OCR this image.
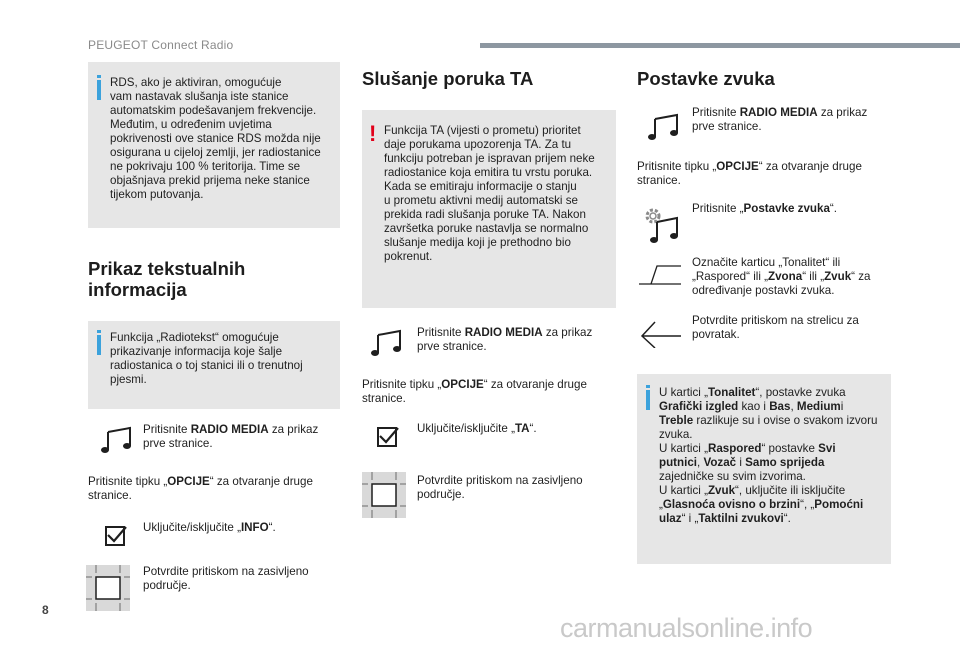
PEUGEOT Connect Radio

RDS, ako je aktiviran, omogućuje
vam nastavak slušanja iste stanice
automatskim podešavanjem frekvencije.
Međutim, u određenim uvjetima
pokrivenosti ove stanice RDS možda nije
osigurana u cijeloj zemlji, jer radiostanice
ne pokrivaju 100 % teritorija. Time se
objašnjava prekid prijema neke stanice
tijekom putovanja.

Prikaz tekstualnih
informacija

Funkcija „Radiotekst“ omogućuje
prikazivanje informacija koje šalje
radiostanica o toj stanici ili o trenutnoj
pjesmi.

Pritisnite RADIO MEDIA za prikaz
prve stranice.

Pritisnite tipku „OPCIJE“ za otvaranje druge
stranice.

Uključite/isključite „INFO“.

Potvrdite pritiskom na zasivljeno
područje.

Slušanje poruka TA
! Funkcija TA (vijesti o prometu) prioritet
daje porukama upozorenja TA. Za tu
funkciju potreban je ispravan prijem neke
radiostanice koja emitira tu vrstu poruka.
Kada se emitiraju informacije o stanju
u prometu aktivni medij automatski se
prekida radi slušanja poruke TA. Nakon
završetka poruke nastavlja se normalno
slušanje medija koji je prethodno bio
pokrenut.

Pritisnite RADIO MEDIA za prikaz
prve stranice.

Pritisnite tipku „OPCIJE“ za otvaranje druge
stranice.

Uključite/isključite „TA“.

Potvrdite pritiskom na zasivljeno
područje.

Postavke zvuka

Pritisnite RADIO MEDIA za prikaz
prve stranice.

Pritisnite tipku „OPCIJE“ za otvaranje druge
stranice.

Pritisnite „Postavke zvuka“.

Označite karticu „Tonalitet“ ili
„Raspored“ ili „Zvona“ ili „Zvuk“ za
određivanje postavki zvuka.

Potvrdite pritiskom na strelicu za
povratak.

U kartici „Tonalitet“, postavke zvuka
Grafički izgled kao i Bas, Mediumi
Treble razlikuje su i ovise o svakom izvoru
zvuka.
U kartici „Raspored“ postavke Svi
putnici, Vozač i Samo sprijeda
zajedničke su svim izvorima.
U kartici „Zvuk“, uključite ili isključite
„Glasnoća ovisno o brzini“, „Pomoćni
ulaz“ i „Taktilni zvukovi“.

8
carmanualsonline.info
